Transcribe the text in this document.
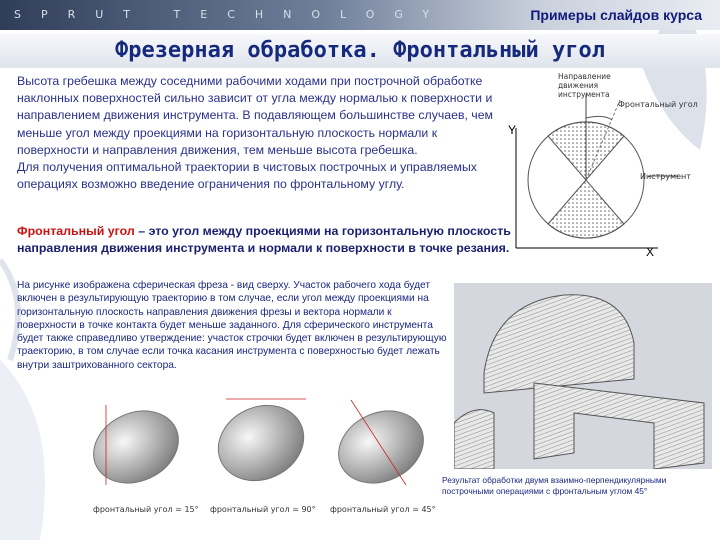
SPRUT TECHNOLOGY	Примеры слайдов курса
Фрезерная обработка. Фронтальный угол

Высота гребешка между соседними рабочими ходами при построчной обработке наклонных поверхностей сильно зависит от угла между нормалью к поверхности и направлением движения инструмента. В подавляющем большинстве случаев, чем меньше угол между проекциями на горизонтальную плоскость нормали к поверхности и направления движения, тем меньше высота гребешка.

Для получения оптимальной траектории в чистовых построчных и управляемых операциях возможно введение ограничения по фронтальному углу.

Фронтальный угол – это угол между проекциями на горизонтальную плоскость направления движения инструмента и нормали к поверхности в точке резания.
На рисунке изображена сферическая фреза - вид сверху. Участок рабочего хода будет включен в результирующую траекторию в том случае, если угол между проекциями на горизонтальную плоскость направления движения фрезы и вектора нормали к поверхности в точке контакта будет меньше заданного. Для сферического инструмента будет также справедливо утверждение: участок строчки будет включен в результирующую траекторию, в том случае если точка касания инструмента с поверхностью будет лежать внутри заштрихованного сектора.
Y
X
Направление движения инструмента
Фронтальный угол
Инструмент
фронтальный угол = 15° фронтальный угол = 90° фронтальный угол = 45°
Результат обработки двумя взаимно-перпендикулярными построчными операциями с фронтальным углом 45°
